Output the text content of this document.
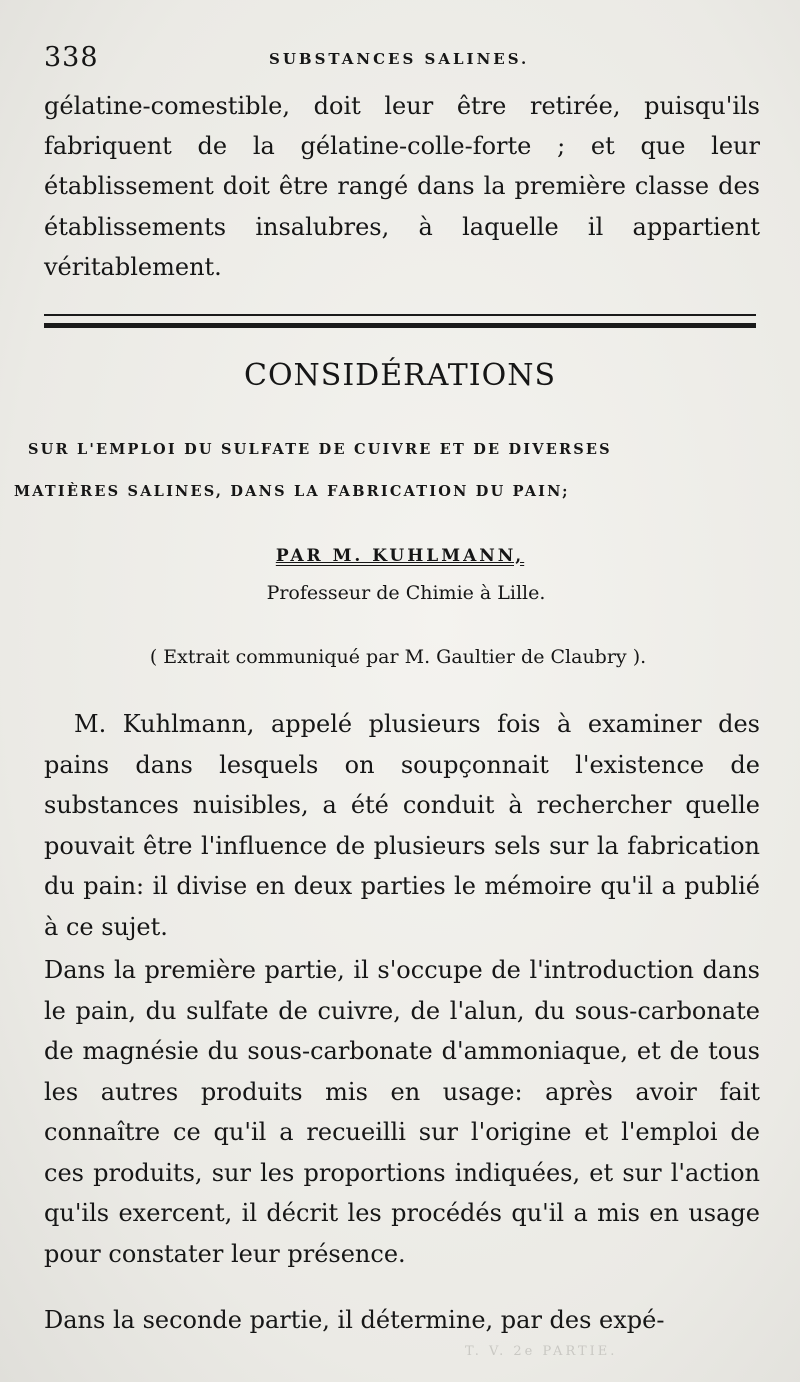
338	SUBSTANCES SALINES.

gélatine-comestible, doit leur être retirée, puisqu'ils fabriquent de la gélatine-colle-forte ; et que leur établissement doit être rangé dans la première classe des établissements insalubres, à laquelle il appartient véritablement.

CONSIDÉRATIONS
SUR L'EMPLOI DU SULFATE DE CUIVRE ET DE DIVERSES
MATIÈRES SALINES, DANS LA FABRICATION DU PAIN;
PAR M. KUHLMANN,
Professeur de Chimie à Lille.
( Extrait communiqué par M. Gaultier de Claubry ).

M. Kuhlmann, appelé plusieurs fois à examiner des pains dans lesquels on soupçonnait l'existence de substances nuisibles, a été conduit à rechercher quelle pouvait être l'influence de plusieurs sels sur la fabrication du pain: il divise en deux parties le mémoire qu'il a publié à ce sujet.

Dans la première partie, il s'occupe de l'introduction dans le pain, du sulfate de cuivre, de l'alun, du sous-carbonate de magnésie du sous-carbonate d'ammoniaque, et de tous les autres produits mis en usage: après avoir fait connaître ce qu'il a recueilli sur l'origine et l'emploi de ces produits, sur les proportions indiquées, et sur l'action qu'ils exercent, il décrit les procédés qu'il a mis en usage pour constater leur présence.

Dans la seconde partie, il détermine, par des expé-

T. V. 2e PARTIE.
